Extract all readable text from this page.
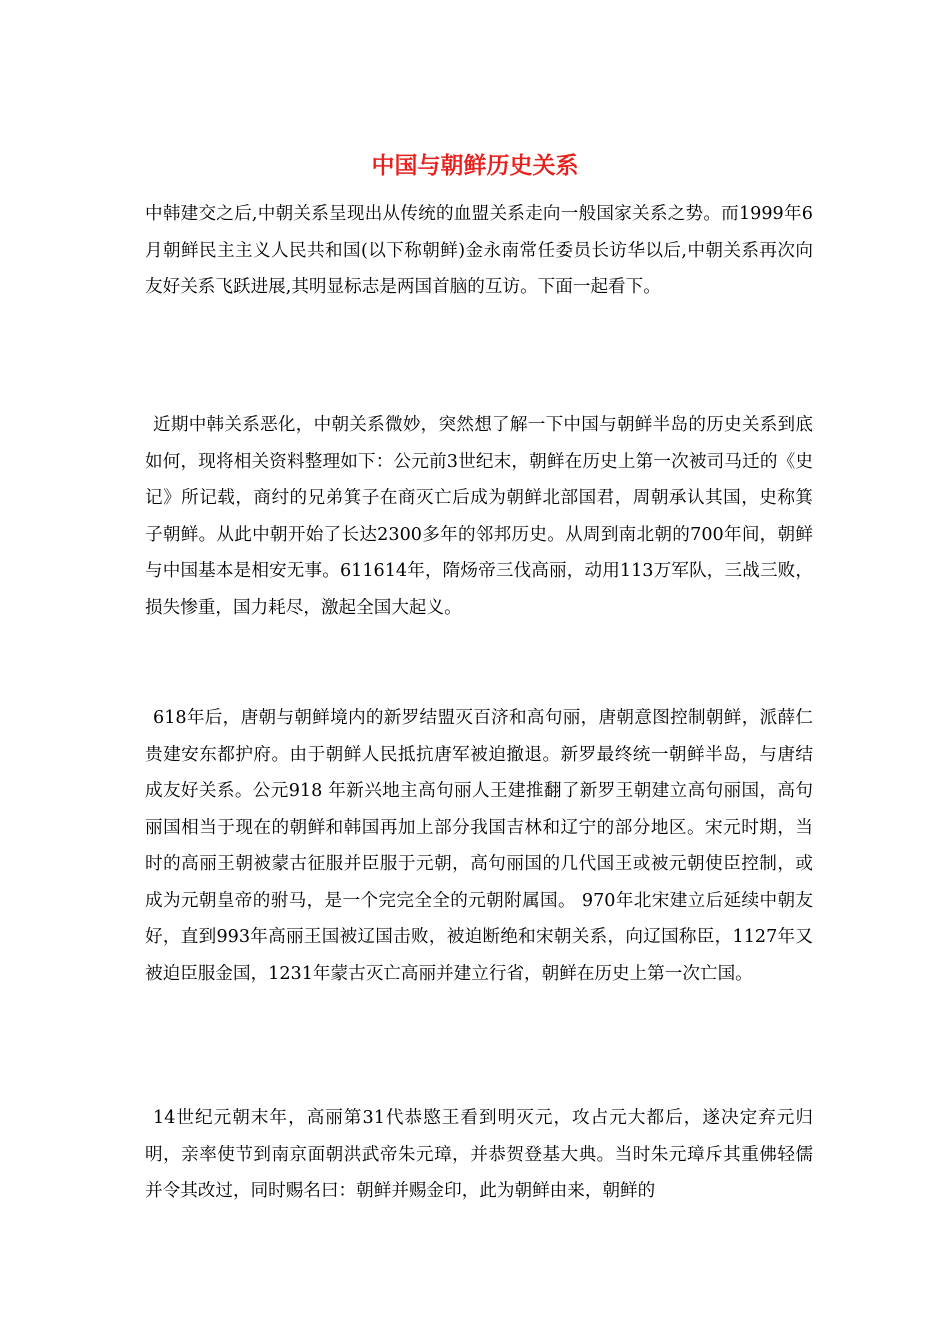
中国与朝鲜历史关系

中韩建交之后,中朝关系呈现出从传统的血盟关系走向一般国家关系之势。而1999年6月朝鲜民主主义人民共和国(以下称朝鲜)金永南常任委员长访华以后,中朝关系再次向友好关系飞跃进展,其明显标志是两国首脑的互访。下面一起看下。

近期中韩关系恶化，中朝关系微妙，突然想了解一下中国与朝鲜半岛的历史关系到底如何，现将相关资料整理如下：公元前3世纪末，朝鲜在历史上第一次被司马迁的《史记》所记载，商纣的兄弟箕子在商灭亡后成为朝鲜北部国君，周朝承认其国，史称箕子朝鲜。从此中朝开始了长达2300多年的邻邦历史。从周到南北朝的700年间，朝鲜与中国基本是相安无事。611614年，隋炀帝三伐高丽，动用113万军队，三战三败，损失惨重，国力耗尽，激起全国大起义。

618年后，唐朝与朝鲜境内的新罗结盟灭百济和高句丽，唐朝意图控制朝鲜，派薛仁贵建安东都护府。由于朝鲜人民抵抗唐军被迫撤退。新罗最终统一朝鲜半岛，与唐结成友好关系。公元918 年新兴地主高句丽人王建推翻了新罗王朝建立高句丽国，高句丽国相当于现在的朝鲜和韩国再加上部分我国吉林和辽宁的部分地区。宋元时期，当时的高丽王朝被蒙古征服并臣服于元朝，高句丽国的几代国王或被元朝使臣控制，或成为元朝皇帝的驸马，是一个完完全全的元朝附属国。 970年北宋建立后延续中朝友好，直到993年高丽王国被辽国击败，被迫断绝和宋朝关系，向辽国称臣，1127年又被迫臣服金国，1231年蒙古灭亡高丽并建立行省，朝鲜在历史上第一次亡国。

14世纪元朝末年，高丽第31代恭愍王看到明灭元，攻占元大都后，遂决定弃元归明，亲率使节到南京面朝洪武帝朱元璋，并恭贺登基大典。当时朱元璋斥其重佛轻儒并令其改过，同时赐名曰：朝鲜并赐金印，此为朝鲜由来，朝鲜的
